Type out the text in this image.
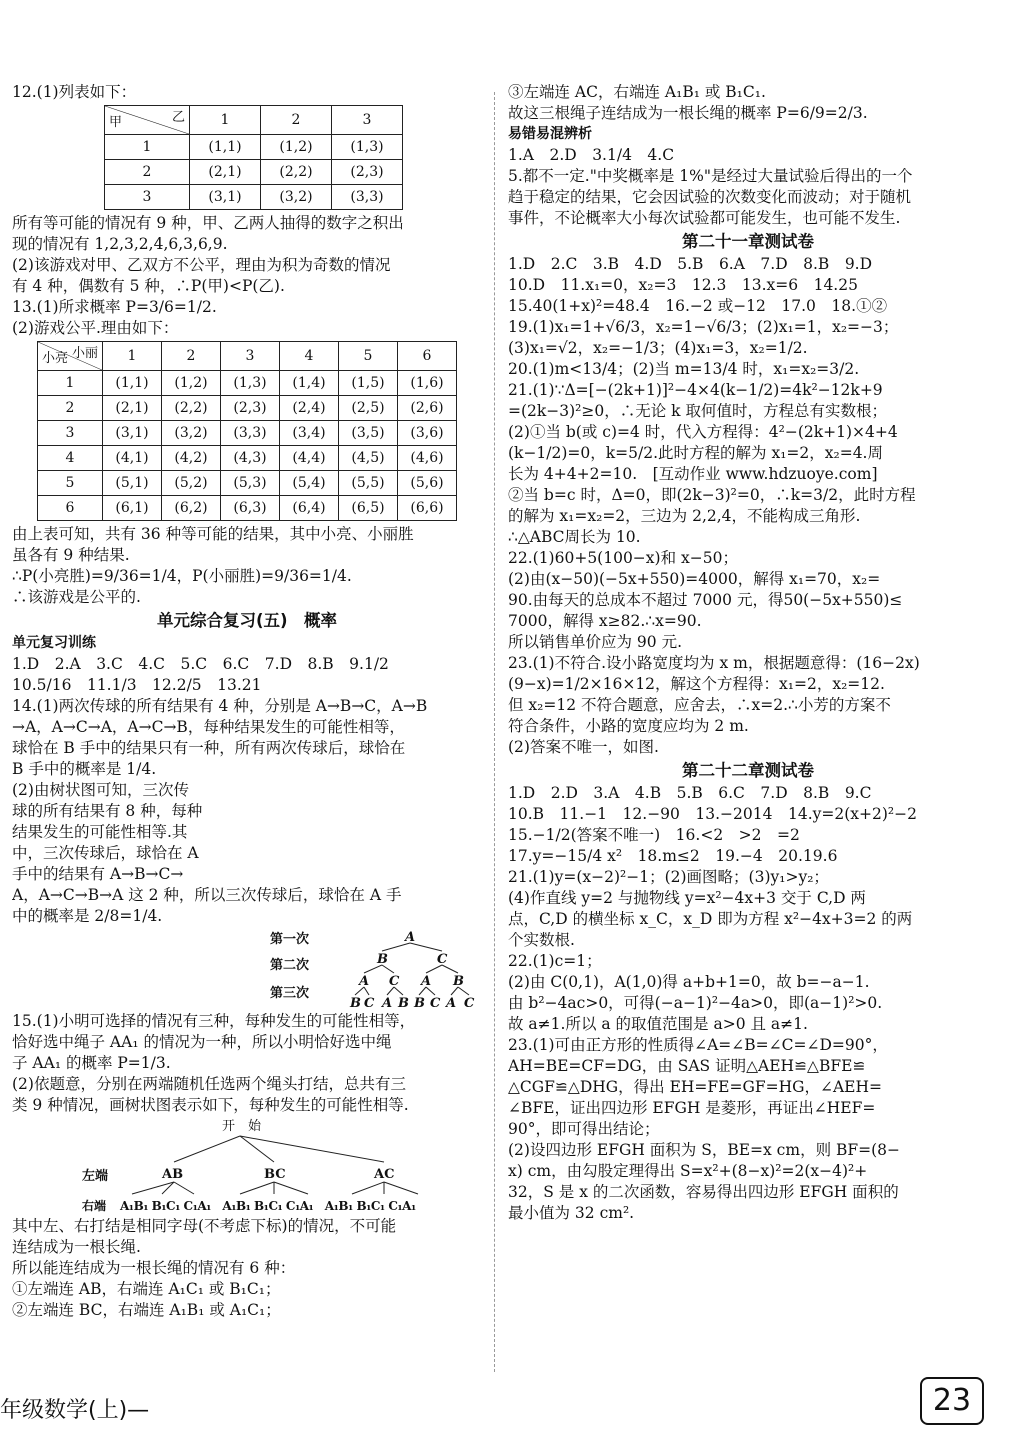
12.(1)列表如下：
乙
甲	1	2	3
1	(1,1)	(1,2)	(1,3)
2	(2,1)	(2,2)	(2,3)
3	(3,1)	(3,2)	(3,3)
所有等可能的情况有 9 种，甲、乙两人抽得的数字之积出
现的情况有 1,2,3,2,4,6,3,6,9.
(2)该游戏对甲、乙双方不公平，理由为积为奇数的情况
有 4 种，偶数有 5 种，∴P(甲)<P(乙).
13.(1)所求概率 P=3/6=1/2.
(2)游戏公平.理由如下：
小丽
小亮	1	2	3	4	5	6
1	(1,1)	(1,2)	(1,3)	(1,4)	(1,5)	(1,6)
2	(2,1)	(2,2)	(2,3)	(2,4)	(2,5)	(2,6)
3	(3,1)	(3,2)	(3,3)	(3,4)	(3,5)	(3,6)
4	(4,1)	(4,2)	(4,3)	(4,4)	(4,5)	(4,6)
5	(5,1)	(5,2)	(5,3)	(5,4)	(5,5)	(5,6)
6	(6,1)	(6,2)	(6,3)	(6,4)	(6,5)	(6,6)
由上表可知，共有 36 种等可能的结果，其中小亮、小丽胜
虽各有 9 种结果.
∴P(小亮胜)=9/36=1/4，P(小丽胜)=9/36=1/4.
∴该游戏是公平的.
单元综合复习(五)　概率
单元复习训练
1.D　2.A　3.C　4.C　5.C　6.C　7.D　8.B　9.1/2
10.5/16　11.1/3　12.2/5　13.21
14.(1)两次传球的所有结果有 4 种，分别是 A→B→C，A→B
→A，A→C→A，A→C→B，每种结果发生的可能性相等，
球恰在 B 手中的结果只有一种，所有两次传球后，球恰在
B 手中的概率是 1/4.
(2)由树状图可知，三次传
球的所有结果有 8 种，每种
结果发生的可能性相等.其
中，三次传球后，球恰在 A
手中的结果有 A→B→C→
A，A→C→B→A 这 2 种，所以三次传球后，球恰在 A 手
中的概率是 2/8=1/4.
第一次
第二次
第三次
A
B	C
A C A B
B C A B B C A C
15.(1)小明可选择的情况有三种，每种发生的可能性相等，
恰好选中绳子 AA₁ 的情况为一种，所以小明恰好选中绳
子 AA₁ 的概率 P=1/3.
(2)依题意，分别在两端随机任选两个绳头打结，总共有三
类 9 种情况，画树状图表示如下，每种发生的可能性相等.
开　始
左端	AB	BC	AC
右端 A₁B₁ B₁C₁ C₁A₁　A₁B₁ B₁C₁ C₁A₁　A₁B₁ B₁C₁ C₁A₁
其中左、右打结是相同字母(不考虑下标)的情况，不可能
连结成为一根长绳.
所以能连结成为一根长绳的情况有 6 种：
①左端连 AB，右端连 A₁C₁ 或 B₁C₁；
②左端连 BC，右端连 A₁B₁ 或 A₁C₁；
③左端连 AC，右端连 A₁B₁ 或 B₁C₁.
故这三根绳子连结成为一根长绳的概率 P=6/9=2/3.
易错易混辨析
1.A　2.D　3.1/4　4.C
5.都不一定."中奖概率是 1%"是经过大量试验后得出的一个
趋于稳定的结果，它会因试验的次数变化而波动；对于随机
事件，不论概率大小每次试验都可能发生，也可能不发生.
第二十一章测试卷
1.D　2.C　3.B　4.D　5.B　6.A　7.D　8.B　9.D
10.D　11.x₁=0，x₂=3　12.3　13.x=6　14.25
15.40(1+x)²=48.4　16.−2 或−12　17.0　18.①②
19.(1)x₁=1+√6/3，x₂=1−√6/3；(2)x₁=1，x₂=−3；
(3)x₁=√2，x₂=−1/3；(4)x₁=3，x₂=1/2.
20.(1)m<13/4；(2)当 m=13/4 时，x₁=x₂=3/2.
21.(1)∵Δ=[−(2k+1)]²−4×4(k−1/2)=4k²−12k+9
=(2k−3)²≥0，∴无论 k 取何值时，方程总有实数根；
(2)①当 b(或 c)=4 时，代入方程得：4²−(2k+1)×4+4
(k−1/2)=0，k=5/2.此时方程的解为 x₁=2，x₂=4.周
长为 4+4+2=10.　[互动作业 www.hdzuoye.com]
②当 b=c 时，Δ=0，即(2k−3)²=0，∴k=3/2，此时方程
的解为 x₁=x₂=2，三边为 2,2,4，不能构成三角形.
∴△ABC周长为 10.
22.(1)60+5(100−x)和 x−50；
(2)由(x−50)(−5x+550)=4000，解得 x₁=70，x₂=
90.由每天的总成本不超过 7000 元，得50(−5x+550)≤
7000，解得 x≥82.∴x=90.
所以销售单价应为 90 元.
23.(1)不符合.设小路宽度均为 x m，根据题意得：(16−2x)
(9−x)=1/2×16×12，解这个方程得：x₁=2，x₂=12.
但 x₂=12 不符合题意，应舍去，∴x=2.∴小芳的方案不
符合条件，小路的宽度应均为 2 m.
(2)答案不唯一，如图.
第二十二章测试卷
1.D　2.D　3.A　4.B　5.B　6.C　7.D　8.B　9.C
10.B　11.−1　12.−90　13.−2014　14.y=2(x+2)²−2
15.−1/2(答案不唯一)　16.<2　>2　=2
17.y=−15/4 x²　18.m≤2　19.−4　20.19.6
21.(1)y=(x−2)²−1；(2)画图略；(3)y₁>y₂；
(4)作直线 y=2 与抛物线 y=x²−4x+3 交于 C,D 两
点，C,D 的横坐标 x_C，x_D 即为方程 x²−4x+3=2 的两
个实数根.
22.(1)c=1；
(2)由 C(0,1)，A(1,0)得 a+b+1=0，故 b=−a−1.
由 b²−4ac>0，可得(−a−1)²−4a>0，即(a−1)²>0.
故 a≠1.所以 a 的取值范围是 a>0 且 a≠1.
23.(1)可由正方形的性质得∠A=∠B=∠C=∠D=90°，
AH=BE=CF=DG，由 SAS 证明△AEH≌△BFE≌
△CGF≌△DHG，得出 EH=FE=GF=HG，∠AEH=
∠BFE，证出四边形 EFGH 是菱形，再证出∠HEF=
90°，即可得出结论；
(2)设四边形 EFGH 面积为 S，BE=x cm，则 BF=(8−
x) cm，由勾股定理得出 S=x²+(8−x)²=2(x−4)²+
32，S 是 x 的二次函数，容易得出四边形 EFGH 面积的
最小值为 32 cm².
年级数学(上)—	23
